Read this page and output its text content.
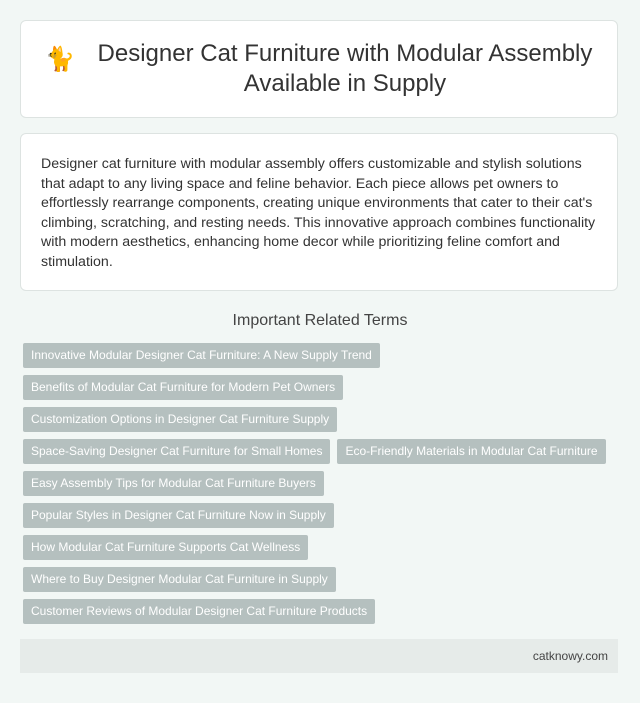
🐈 Designer Cat Furniture with Modular Assembly Available in Supply

Designer cat furniture with modular assembly offers customizable and stylish solutions that adapt to any living space and feline behavior. Each piece allows pet owners to effortlessly rearrange components, creating unique environments that cater to their cat's climbing, scratching, and resting needs. This innovative approach combines functionality with modern aesthetics, enhancing home decor while prioritizing feline comfort and stimulation.

Important Related Terms
Innovative Modular Designer Cat Furniture: A New Supply Trend
Benefits of Modular Cat Furniture for Modern Pet Owners
Customization Options in Designer Cat Furniture Supply
Space-Saving Designer Cat Furniture for Small Homes	Eco-Friendly Materials in Modular Cat Furniture
Easy Assembly Tips for Modular Cat Furniture Buyers
Popular Styles in Designer Cat Furniture Now in Supply
How Modular Cat Furniture Supports Cat Wellness
Where to Buy Designer Modular Cat Furniture in Supply
Customer Reviews of Modular Designer Cat Furniture Products
catknowy.com
